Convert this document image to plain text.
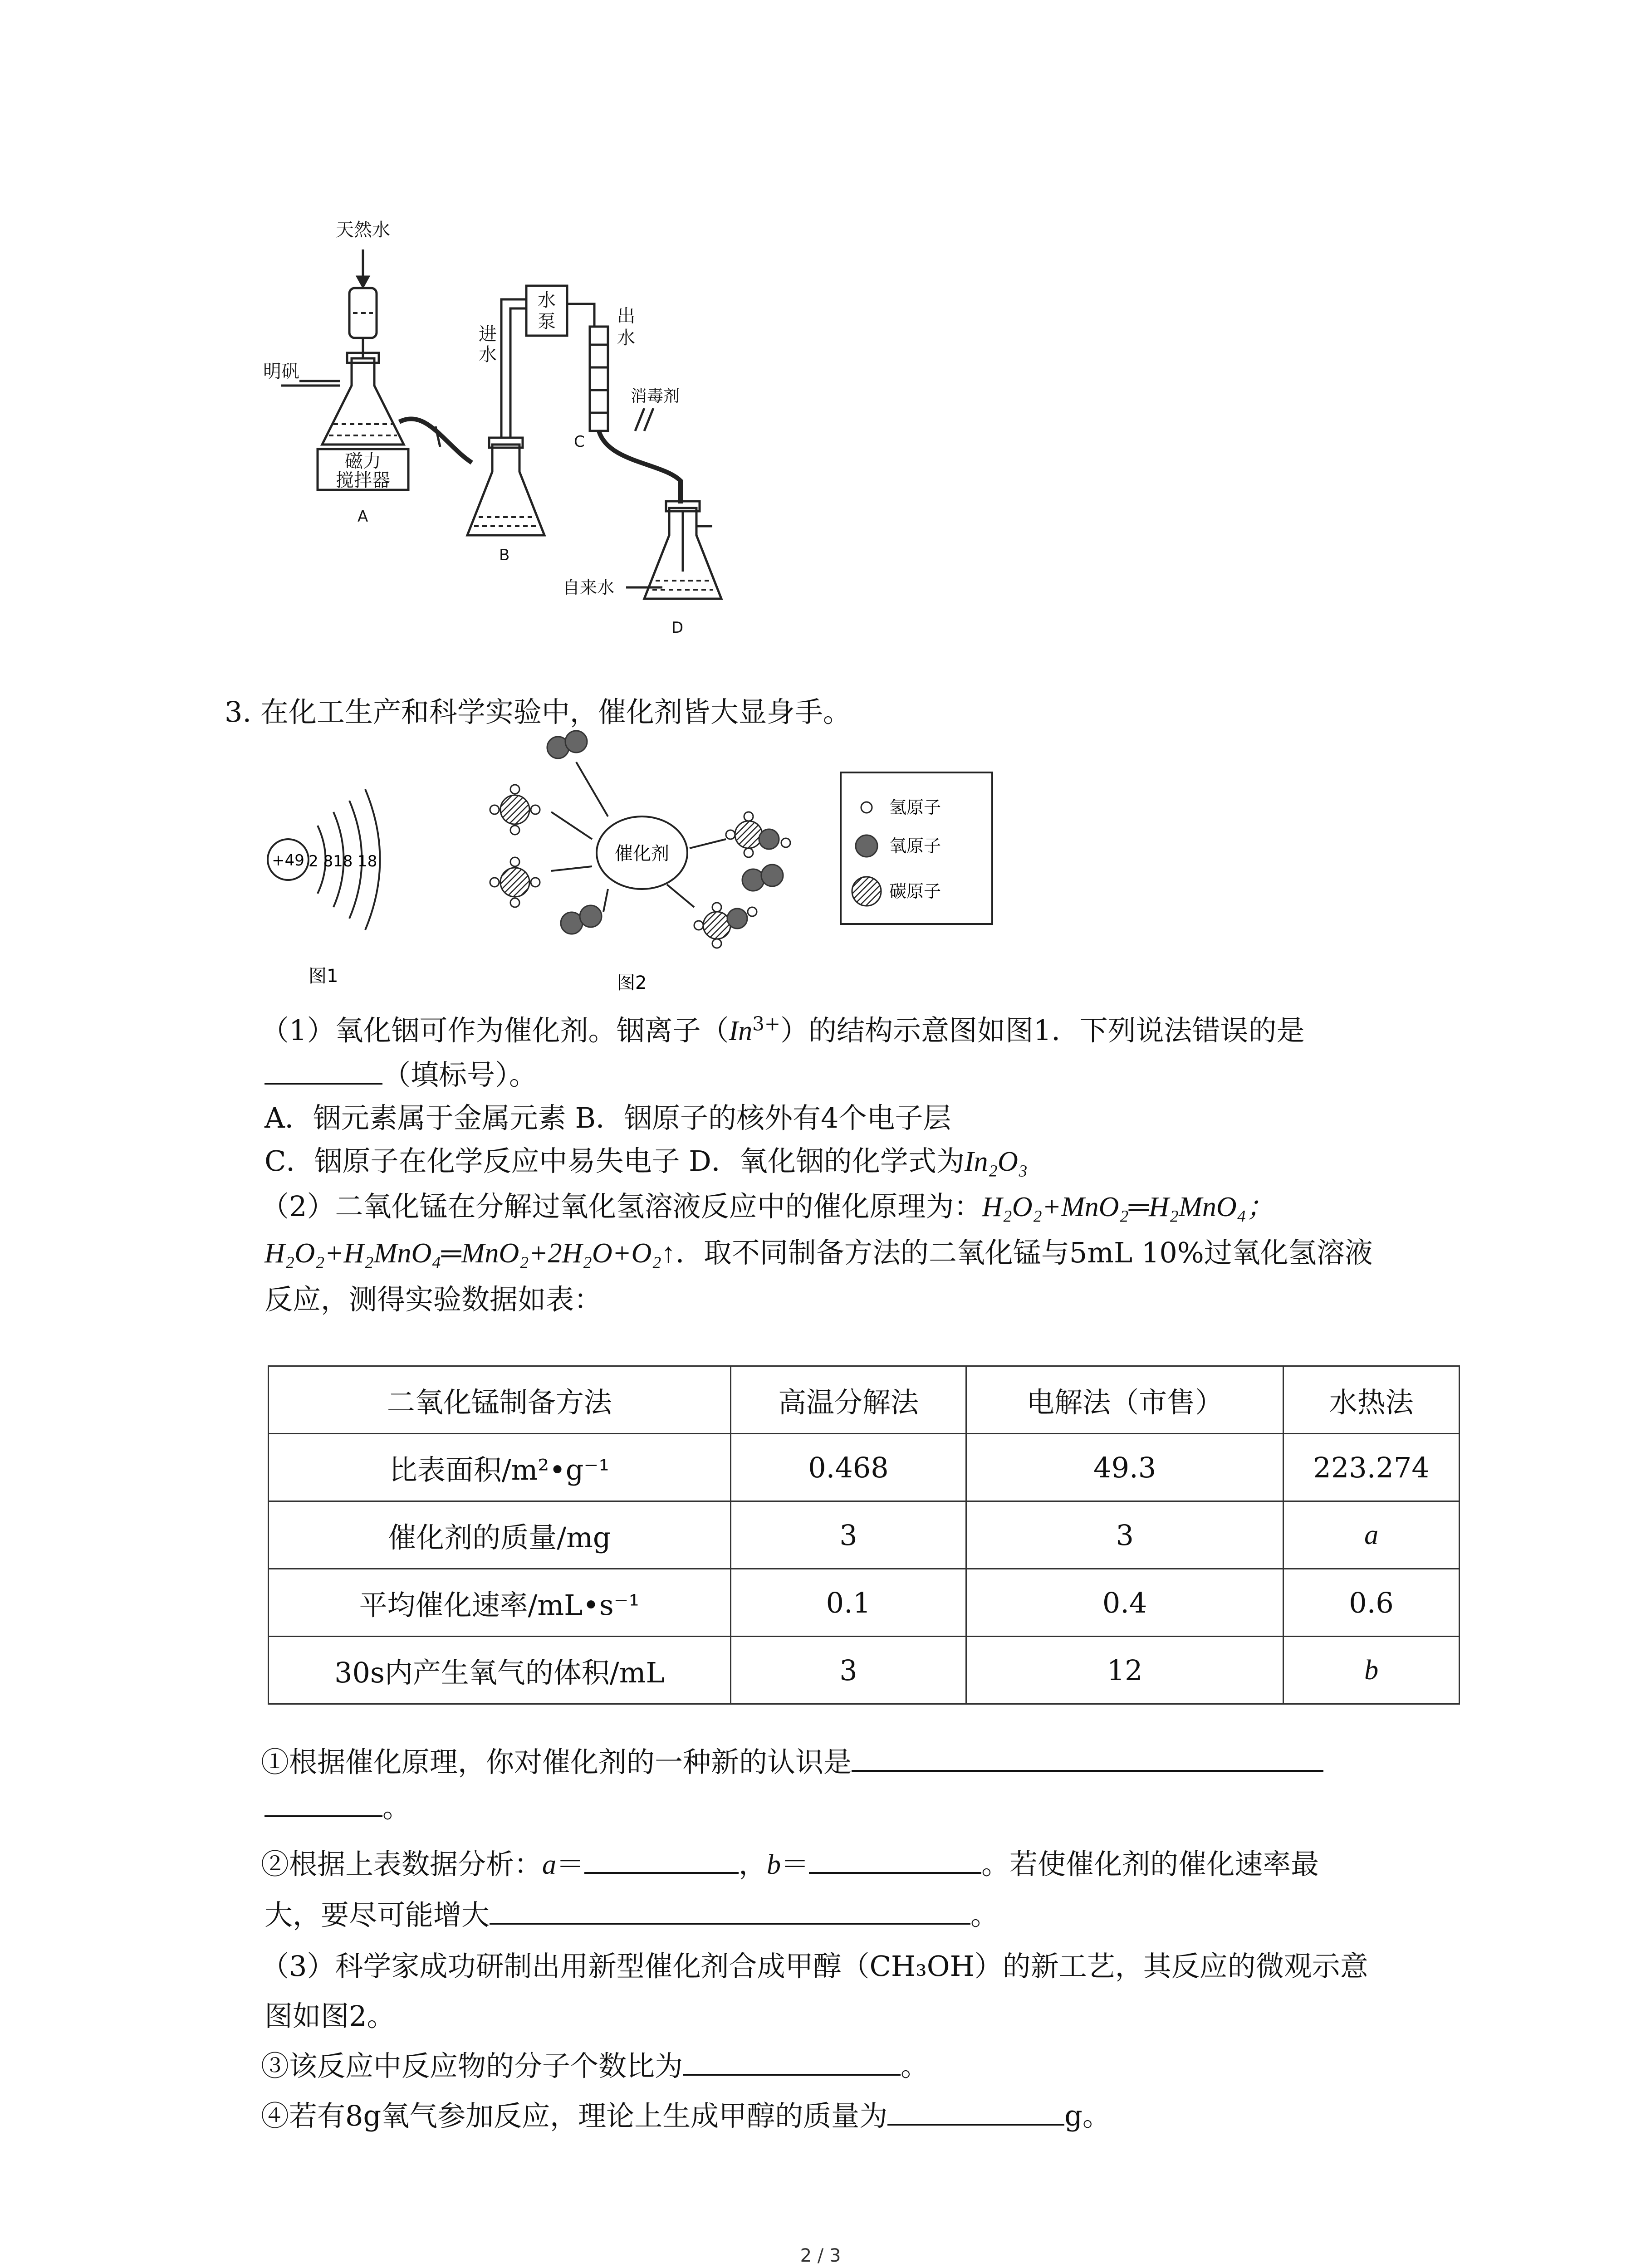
天然水
明矾
磁力
搅拌器
A
B
C
D
进
水
水
泵	出
水
消毒剂
自来水
3. 在化工生产和科学实验中，催化剂皆大显身手。
+49 2 818 18
图1
催化剂
图2
氢原子
氧原子
碳原子
（1）氧化铟可作为催化剂。铟离子$(In^{3+})$的结构示意图如图1．下列说法错误的是
（填标号）。
A．铟元素属于金属元素 B．铟原子的核外有4个电子层
C．铟原子在化学反应中易失电子 D．氧化铟的化学式为In₂O₃
（2）二氧化锰在分解过氧化氢溶液反应中的催化原理为：H₂O₂+MnO₂═H₂MnO₄；
H₂O₂+H₂MnO₄═MnO₂+2H₂O+O₂↑．取不同制备方法的二氧化锰与5mL 10%过氧化氢溶液
反应，测得实验数据如表：
二氧化锰制备方法	高温分解法	电解法（市售）	水热法
比表面积/m²•g⁻¹	0.468	49.3	223.274
催化剂的质量/mg	3	3	a
平均催化速率/mL•s⁻¹	0.1	0.4	0.6
30s内产生氧气的体积/mL	3	12	b
①根据催化原理，你对催化剂的一种新的认识是
。
②根据上表数据分析：a＝	，b＝	。若使催化剂的催化速率最
大，要尽可能增大	。
（3）科学家成功研制出用新型催化剂合成甲醇（CH₃OH）的新工艺，其反应的微观示意
图如图2。
③该反应中反应物的分子个数比为	。
④若有8g氧气参加反应，理论上生成甲醇的质量为	g。
2 / 3
